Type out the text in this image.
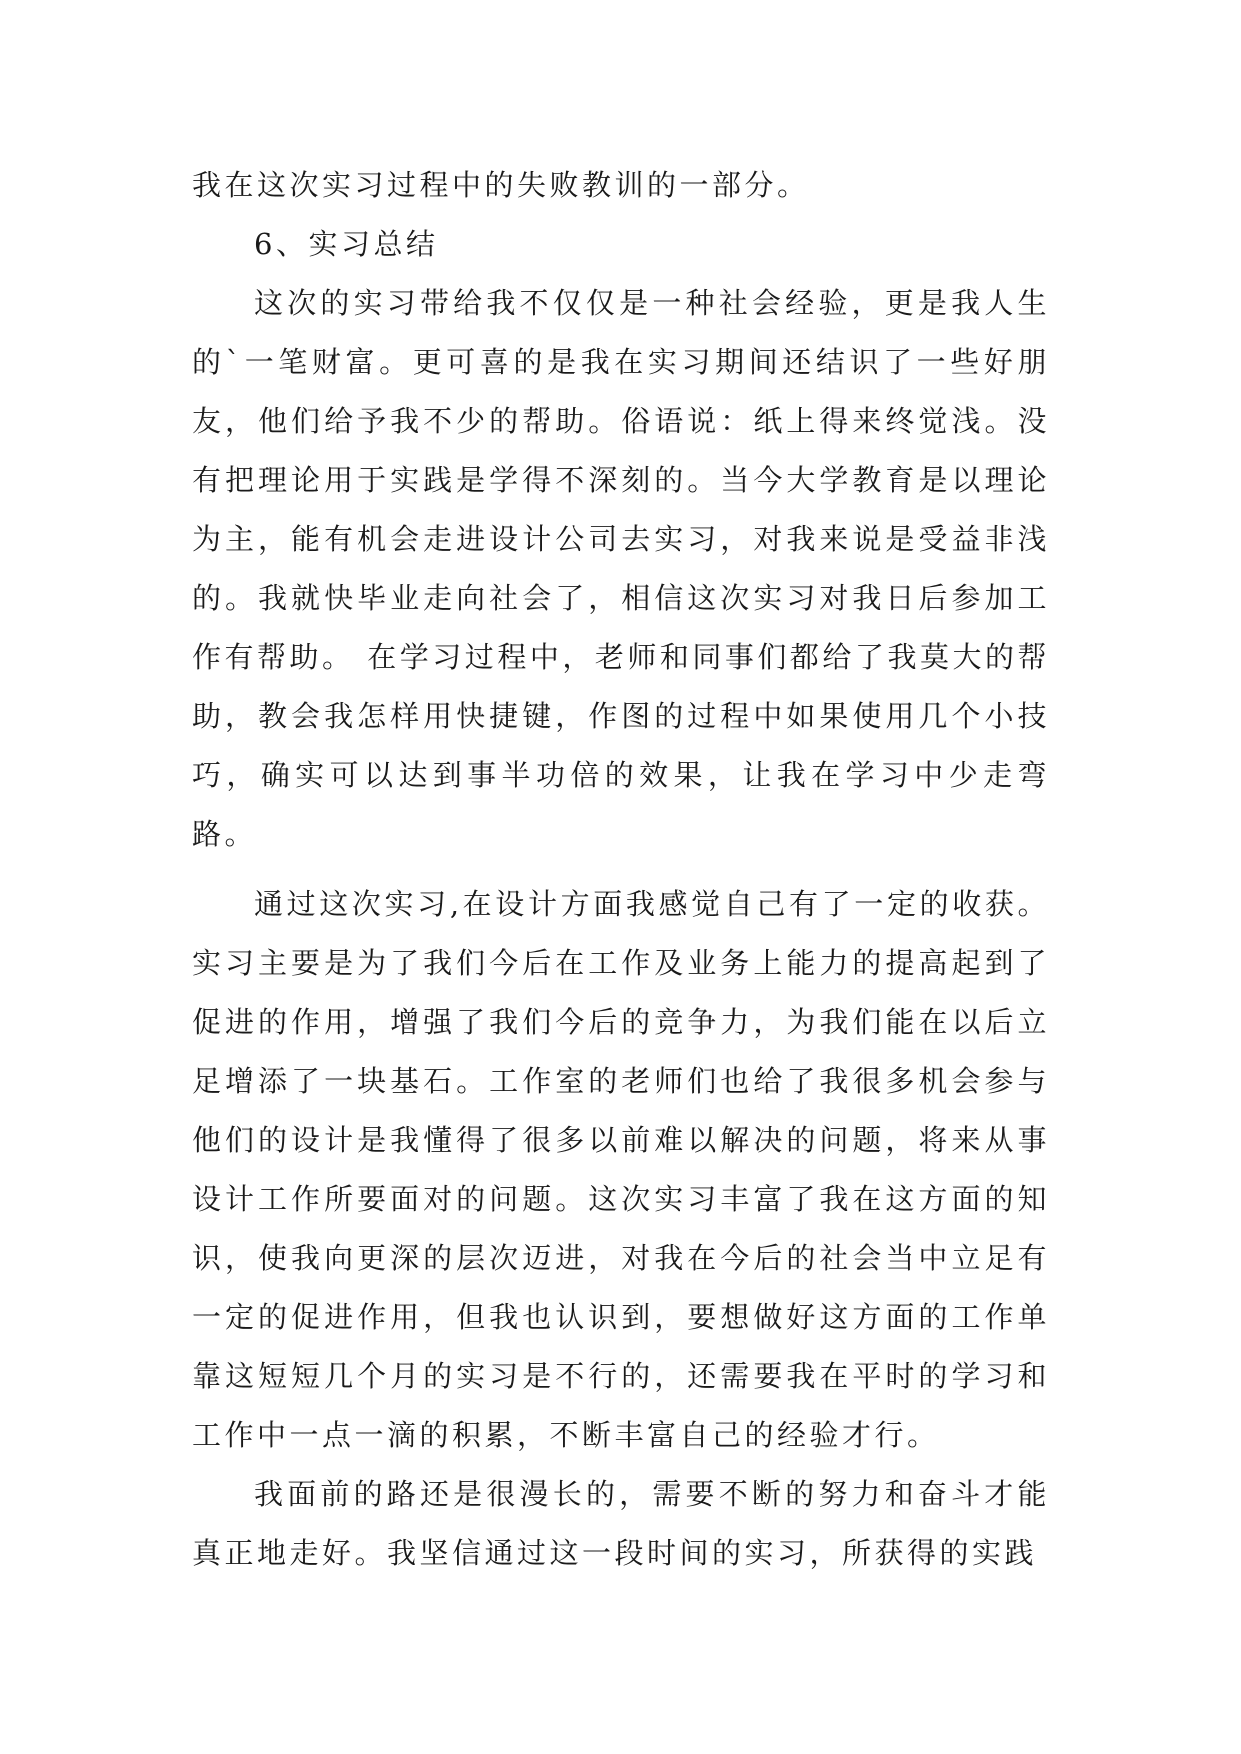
我在这次实习过程中的失败教训的一部分。

6、实习总结

这次的实习带给我不仅仅是一种社会经验，更是我人生的`一笔财富。更可喜的是我在实习期间还结识了一些好朋友，他们给予我不少的帮助。俗语说：纸上得来终觉浅。没有把理论用于实践是学得不深刻的。当今大学教育是以理论为主，能有机会走进设计公司去实习，对我来说是受益非浅的。我就快毕业走向社会了，相信这次实习对我日后参加工作有帮助。 在学习过程中，老师和同事们都给了我莫大的帮助，教会我怎样用快捷键，作图的过程中如果使用几个小技巧，确实可以达到事半功倍的效果，让我在学习中少走弯路。

通过这次实习,在设计方面我感觉自己有了一定的收获。实习主要是为了我们今后在工作及业务上能力的提高起到了促进的作用，增强了我们今后的竞争力，为我们能在以后立足增添了一块基石。工作室的老师们也给了我很多机会参与他们的设计是我懂得了很多以前难以解决的问题，将来从事设计工作所要面对的问题。这次实习丰富了我在这方面的知识，使我向更深的层次迈进，对我在今后的社会当中立足有一定的促进作用，但我也认识到，要想做好这方面的工作单靠这短短几个月的实习是不行的，还需要我在平时的学习和工作中一点一滴的积累，不断丰富自己的经验才行。

我面前的路还是很漫长的，需要不断的努力和奋斗才能真正地走好。我坚信通过这一段时间的实习，所获得的实践
